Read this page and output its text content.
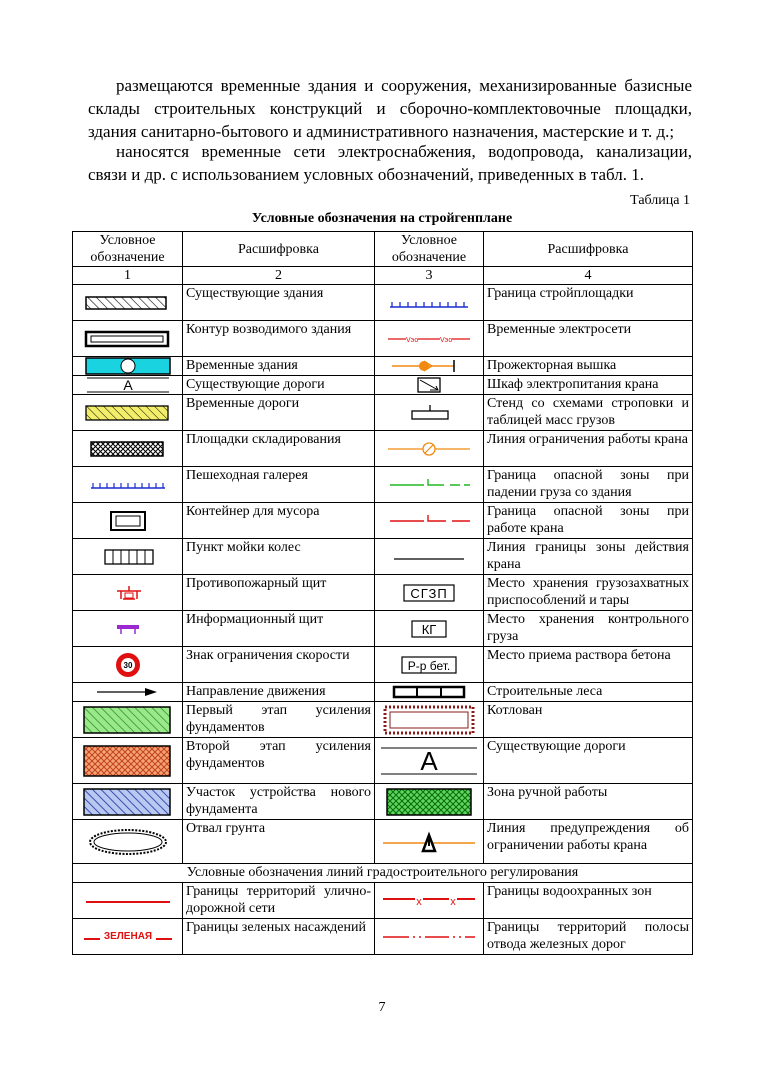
размещаются временные здания и сооружения, механизированные базисные склады строительных конструкций и сборочно-комплектовочные площадки, здания санитарно-бытового и административного назначения, мастерские и т. д.;

наносятся временные сети электроснабжения, водопровода, канализации, связи и др. с использованием условных обозначений, приведенных в табл. 1.

Таблица 1
Условные обозначения на стройгенплане
Условное обозначение	Расшифровка	Условное обозначение	Расшифровка
1	2	3	4

	Существующие здания		Граница стройплощадки

	Контур возводимого здания	Vэо Vэо	Временные электросети

	Временные здания		Прожекторная вышка

А	Существующие дороги		Шкаф электропитания крана

	Временные дороги		Стенд со схемами строповки и таблицей масс грузов

	Площадки складирования		Линия ограничения работы крана

	Пешеходная галерея		Граница опасной зоны при падении груза со здания

	Контейнер для мусора		Граница опасной зоны при работе крана

	Пункт мойки колес		Линия границы зоны действия крана

	Противопожарный щит	СГЗП	Место хранения грузозахватных приспособлений и тары

	Информационный щит	КГ	Место хранения контрольного груза

30	Знак ограничения скорости	Р-р бет.	Место приема раствора бетона

	Направление движения		Строительные леса

	Первый этап усиления фундаментов		Котлован

	Второй этап усиления фундаментов	А	Существующие дороги

	Участок устройства нового фундамента		Зона ручной работы

	Отвал грунта		Линия предупреждения об ограничении работы крана
Условные обозначения линий градостроительного регулирования			

	Границы территорий улично-дорожной сети	х х	Границы водоохранных зон

ЗЕЛЕНАЯ	Границы зеленых насаждений		Границы территорий полосы отвода железных дорог
7
